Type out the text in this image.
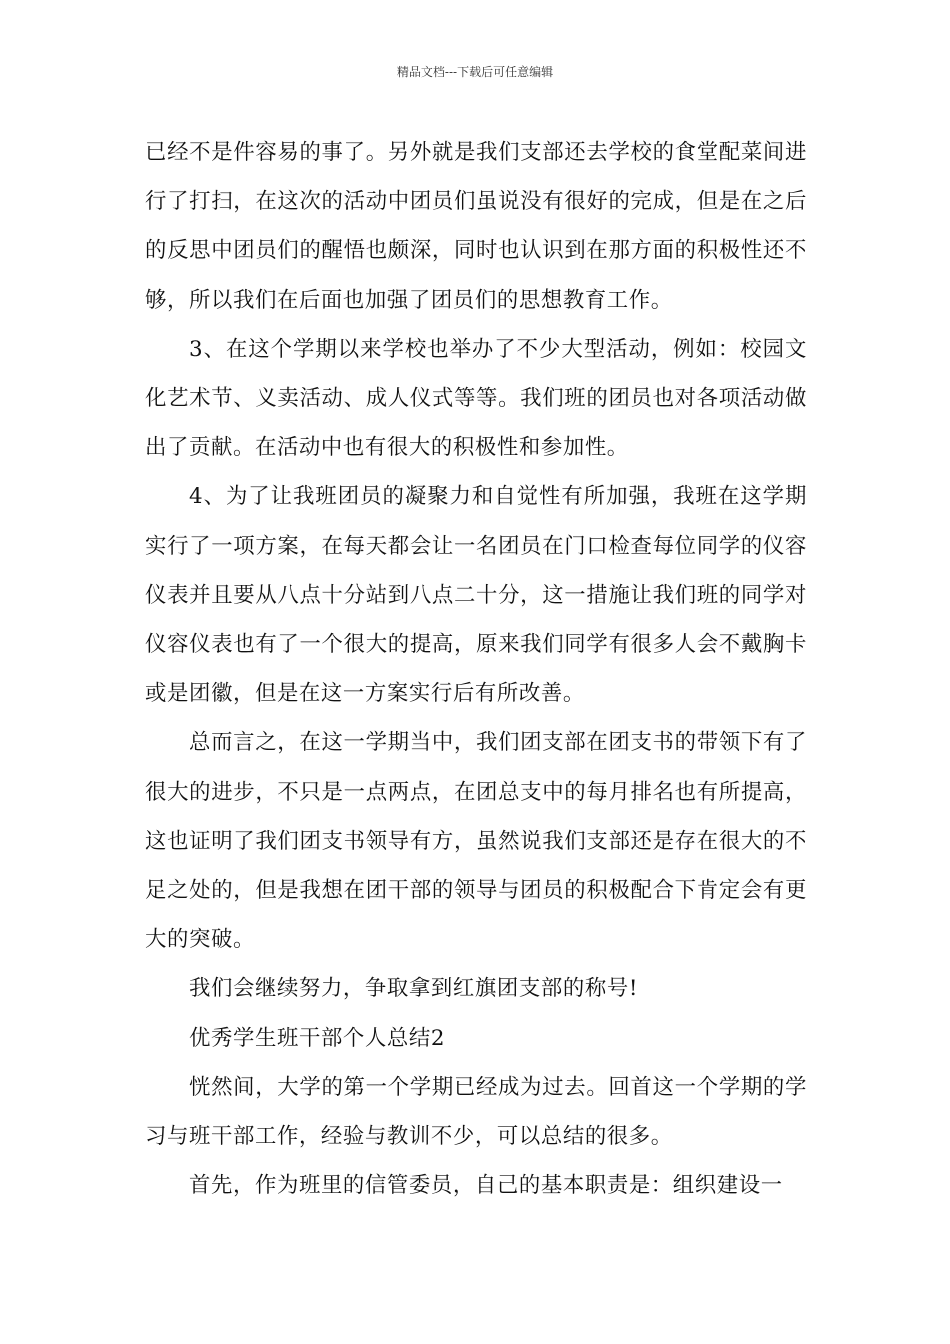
精品文档---下载后可任意编辑

已经不是件容易的事了。另外就是我们支部还去学校的食堂配菜间进行了打扫，在这次的活动中团员们虽说没有很好的完成，但是在之后的反思中团员们的醒悟也颇深，同时也认识到在那方面的积极性还不够，所以我们在后面也加强了团员们的思想教育工作。

3、在这个学期以来学校也举办了不少大型活动，例如：校园文化艺术节、义卖活动、成人仪式等等。我们班的团员也对各项活动做出了贡献。在活动中也有很大的积极性和参加性。

4、为了让我班团员的凝聚力和自觉性有所加强，我班在这学期实行了一项方案，在每天都会让一名团员在门口检查每位同学的仪容仪表并且要从八点十分站到八点二十分，这一措施让我们班的同学对仪容仪表也有了一个很大的提高，原来我们同学有很多人会不戴胸卡或是团徽，但是在这一方案实行后有所改善。

总而言之，在这一学期当中，我们团支部在团支书的带领下有了很大的进步，不只是一点两点，在团总支中的每月排名也有所提高，这也证明了我们团支书领导有方，虽然说我们支部还是存在很大的不足之处的，但是我想在团干部的领导与团员的积极配合下肯定会有更大的突破。

我们会继续努力，争取拿到红旗团支部的称号!

优秀学生班干部个人总结2

恍然间，大学的第一个学期已经成为过去。回首这一个学期的学习与班干部工作，经验与教训不少，可以总结的很多。

首先，作为班里的信管委员，自己的基本职责是：组织建设一
